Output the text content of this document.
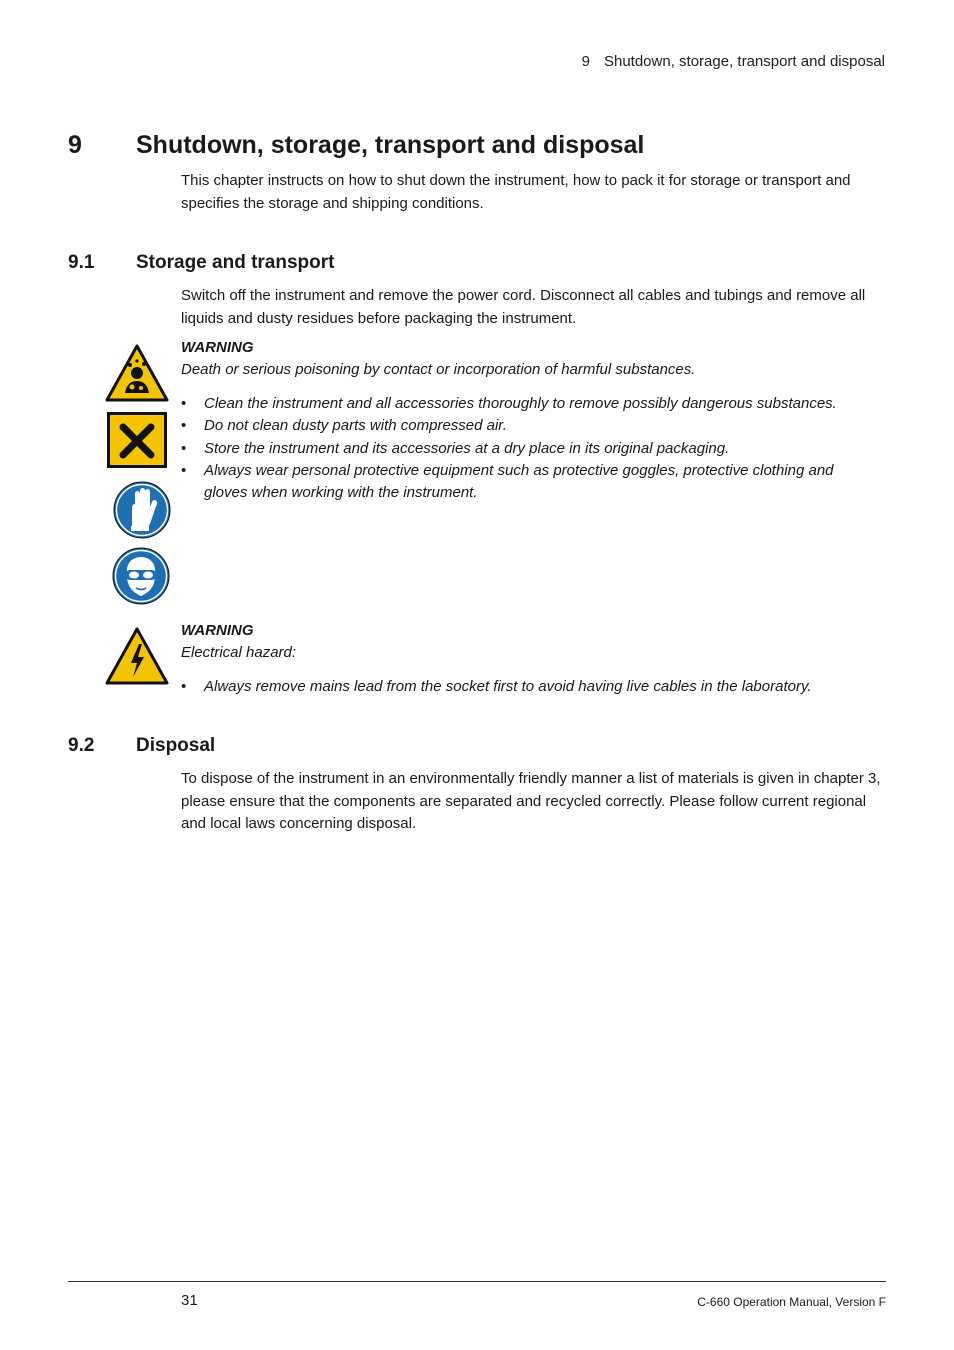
9 Shutdown, storage, transport and disposal
9 Shutdown, storage, transport and disposal
This chapter instructs on how to shut down the instrument, how to pack it for storage or transport and specifies the storage and shipping conditions.
9.1 Storage and transport
Switch off the instrument and remove the power cord. Disconnect all cables and tubings and remove all liquids and dusty residues before packaging the instrument.
WARNING
Death or serious poisoning by contact or incorporation of harmful substances.
• Clean the instrument and all accessories thoroughly to remove possibly dangerous substances.
• Do not clean dusty parts with compressed air.
• Store the instrument and its accessories at a dry place in its original packaging.
• Always wear personal protective equipment such as protective goggles, protective clothing and gloves when working with the instrument.
WARNING
Electrical hazard:
• Always remove mains lead from the socket first to avoid having live cables in the laboratory.
9.2 Disposal
To dispose of the instrument in an environmentally friendly manner a list of materials is given in chapter 3, please ensure that the components are separated and recycled correctly. Please follow current regional and local laws concerning disposal.
31	C-660 Operation Manual, Version F
